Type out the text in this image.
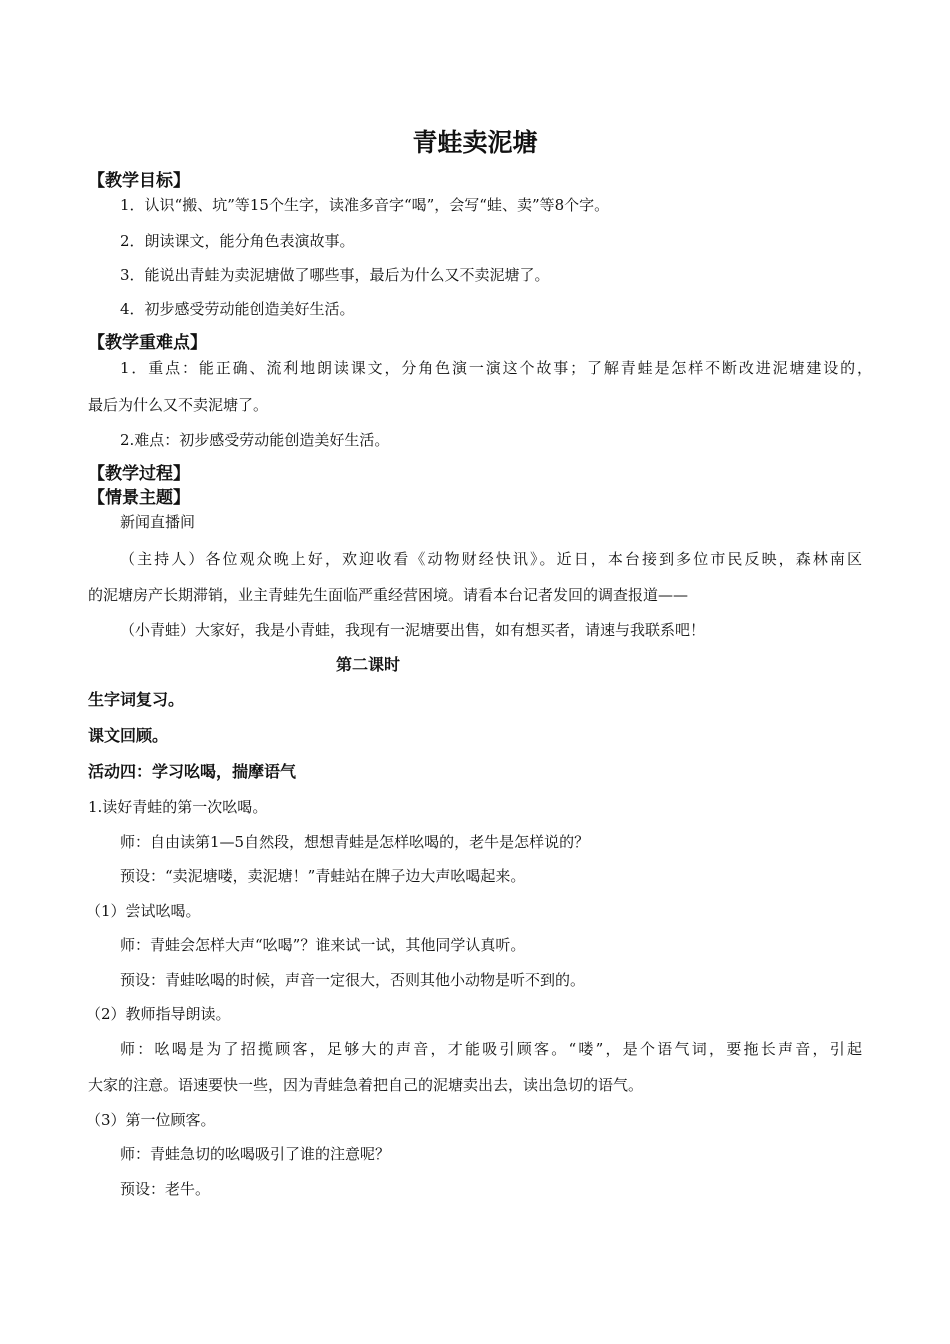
青蛙卖泥塘
【教学目标】
1．认识“搬、坑”等15个生字，读准多音字“喝”，会写“蛙、卖”等8个字。
2．朗读课文，能分角色表演故事。
3．能说出青蛙为卖泥塘做了哪些事，最后为什么又不卖泥塘了。
4．初步感受劳动能创造美好生活。
【教学重难点】
1．重点：能正确、流利地朗读课文，分角色演一演这个故事；了解青蛙是怎样不断改进泥塘建设的，
最后为什么又不卖泥塘了。
2.难点：初步感受劳动能创造美好生活。
【教学过程】
【情景主题】
新闻直播间
（主持人）各位观众晚上好，欢迎收看《动物财经快讯》。近日，本台接到多位市民反映，森林南区
的泥塘房产长期滞销，业主青蛙先生面临严重经营困境。请看本台记者发回的调查报道——
（小青蛙）大家好，我是小青蛙，我现有一泥塘要出售，如有想买者，请速与我联系吧！
第二课时
生字词复习。
课文回顾。
活动四：学习吆喝，揣摩语气
1.读好青蛙的第一次吆喝。
师：自由读第1—5自然段，想想青蛙是怎样吆喝的，老牛是怎样说的？
预设：“卖泥塘喽，卖泥塘！”青蛙站在牌子边大声吆喝起来。
（1）尝试吆喝。
师：青蛙会怎样大声“吆喝”？谁来试一试，其他同学认真听。
预设：青蛙吆喝的时候，声音一定很大，否则其他小动物是听不到的。
（2）教师指导朗读。
师：吆喝是为了招揽顾客，足够大的声音，才能吸引顾客。“喽”，是个语气词，要拖长声音，引起
大家的注意。语速要快一些，因为青蛙急着把自己的泥塘卖出去，读出急切的语气。
（3）第一位顾客。
师：青蛙急切的吆喝吸引了谁的注意呢？
预设：老牛。
